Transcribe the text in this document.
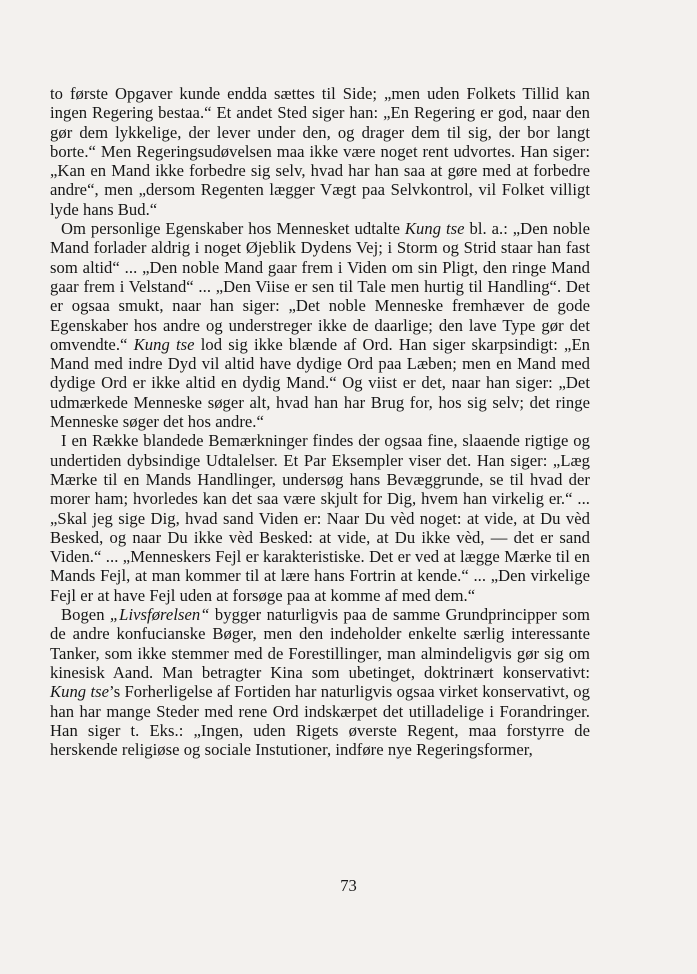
to første Opgaver kunde endda sættes til Side; „men uden Folkets Tillid kan ingen Regering bestaa.“ Et andet Sted siger han: „En Regering er god, naar den gør dem lykkelige, der lever under den, og drager dem til sig, der bor langt borte.“ Men Regeringsudøvelsen maa ikke være noget rent udvortes. Han siger: „Kan en Mand ikke forbedre sig selv, hvad har han saa at gøre med at forbedre andre“, men „dersom Regenten lægger Vægt paa Selvkontrol, vil Folket villigt lyde hans Bud.“

Om personlige Egenskaber hos Mennesket udtalte Kung tse bl. a.: „Den noble Mand forlader aldrig i noget Øjeblik Dydens Vej; i Storm og Strid staar han fast som altid“ ... „Den noble Mand gaar frem i Viden om sin Pligt, den ringe Mand gaar frem i Velstand“ ... „Den Viise er sen til Tale men hurtig til Handling“. Det er ogsaa smukt, naar han siger: „Det noble Menneske fremhæver de gode Egenskaber hos andre og understreger ikke de daarlige; den lave Type gør det omvendte.“ Kung tse lod sig ikke blænde af Ord. Han siger skarpsindigt: „En Mand med indre Dyd vil altid have dydige Ord paa Læben; men en Mand med dydige Ord er ikke altid en dydig Mand.“ Og viist er det, naar han siger: „Det udmærkede Menneske søger alt, hvad han har Brug for, hos sig selv; det ringe Menneske søger det hos andre.“

I en Række blandede Bemærkninger findes der ogsaa fine, slaaende rigtige og undertiden dybsindige Udtalelser. Et Par Eksempler viser det. Han siger: „Læg Mærke til en Mands Handlinger, undersøg hans Bevæggrunde, se til hvad der morer ham; hvorledes kan det saa være skjult for Dig, hvem han virkelig er.“ ... „Skal jeg sige Dig, hvad sand Viden er: Naar Du vèd noget: at vide, at Du vèd Besked, og naar Du ikke vèd Besked: at vide, at Du ikke vèd, — det er sand Viden.“ ... „Menneskers Fejl er karakteristiske. Det er ved at lægge Mærke til en Mands Fejl, at man kommer til at lære hans Fortrin at kende.“ ... „Den virkelige Fejl er at have Fejl uden at forsøge paa at komme af med dem.“

Bogen „Livsførelsen“ bygger naturligvis paa de samme Grundprincipper som de andre konfucianske Bøger, men den indeholder enkelte særlig interessante Tanker, som ikke stemmer med de Forestillinger, man almindeligvis gør sig om kinesisk Aand. Man betragter Kina som ubetinget, doktrinært konservativt: Kung tse’s Forherligelse af Fortiden har naturligvis ogsaa virket konservativt, og han har mange Steder med rene Ord indskærpet det utilladelige i Forandringer. Han siger t. Eks.: „Ingen, uden Rigets øverste Regent, maa forstyrre de herskende religiøse og sociale Instutioner, indføre nye Regeringsformer,

73
